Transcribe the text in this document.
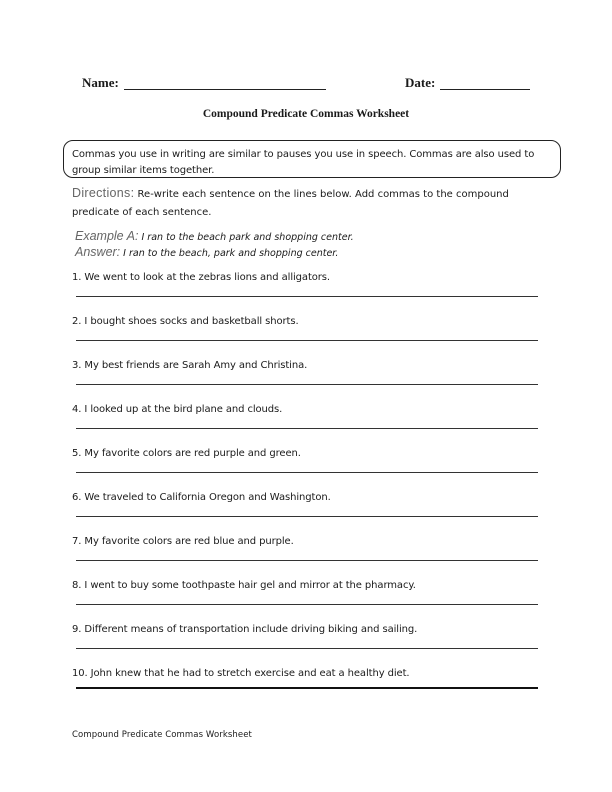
Name:	Date:
Compound Predicate Commas Worksheet
Commas you use in writing are similar to pauses you use in speech. Commas are also used to group similar items together.
Directions: Re-write each sentence on the lines below. Add commas to the compound predicate of each sentence.
Example A: I ran to the beach park and shopping center.
Answer: I ran to the beach, park and shopping center.
1. We went to look at the zebras lions and alligators.
2. I bought shoes socks and basketball shorts.
3. My best friends are Sarah Amy and Christina.
4. I looked up at the bird plane and clouds.
5. My favorite colors are red purple and green.
6. We traveled to California Oregon and Washington.
7. My favorite colors are red blue and purple.
8. I went to buy some toothpaste hair gel and mirror at the pharmacy.
9. Different means of transportation include driving biking and sailing.
10. John knew that he had to stretch exercise and eat a healthy diet.
Compound Predicate Commas Worksheet
